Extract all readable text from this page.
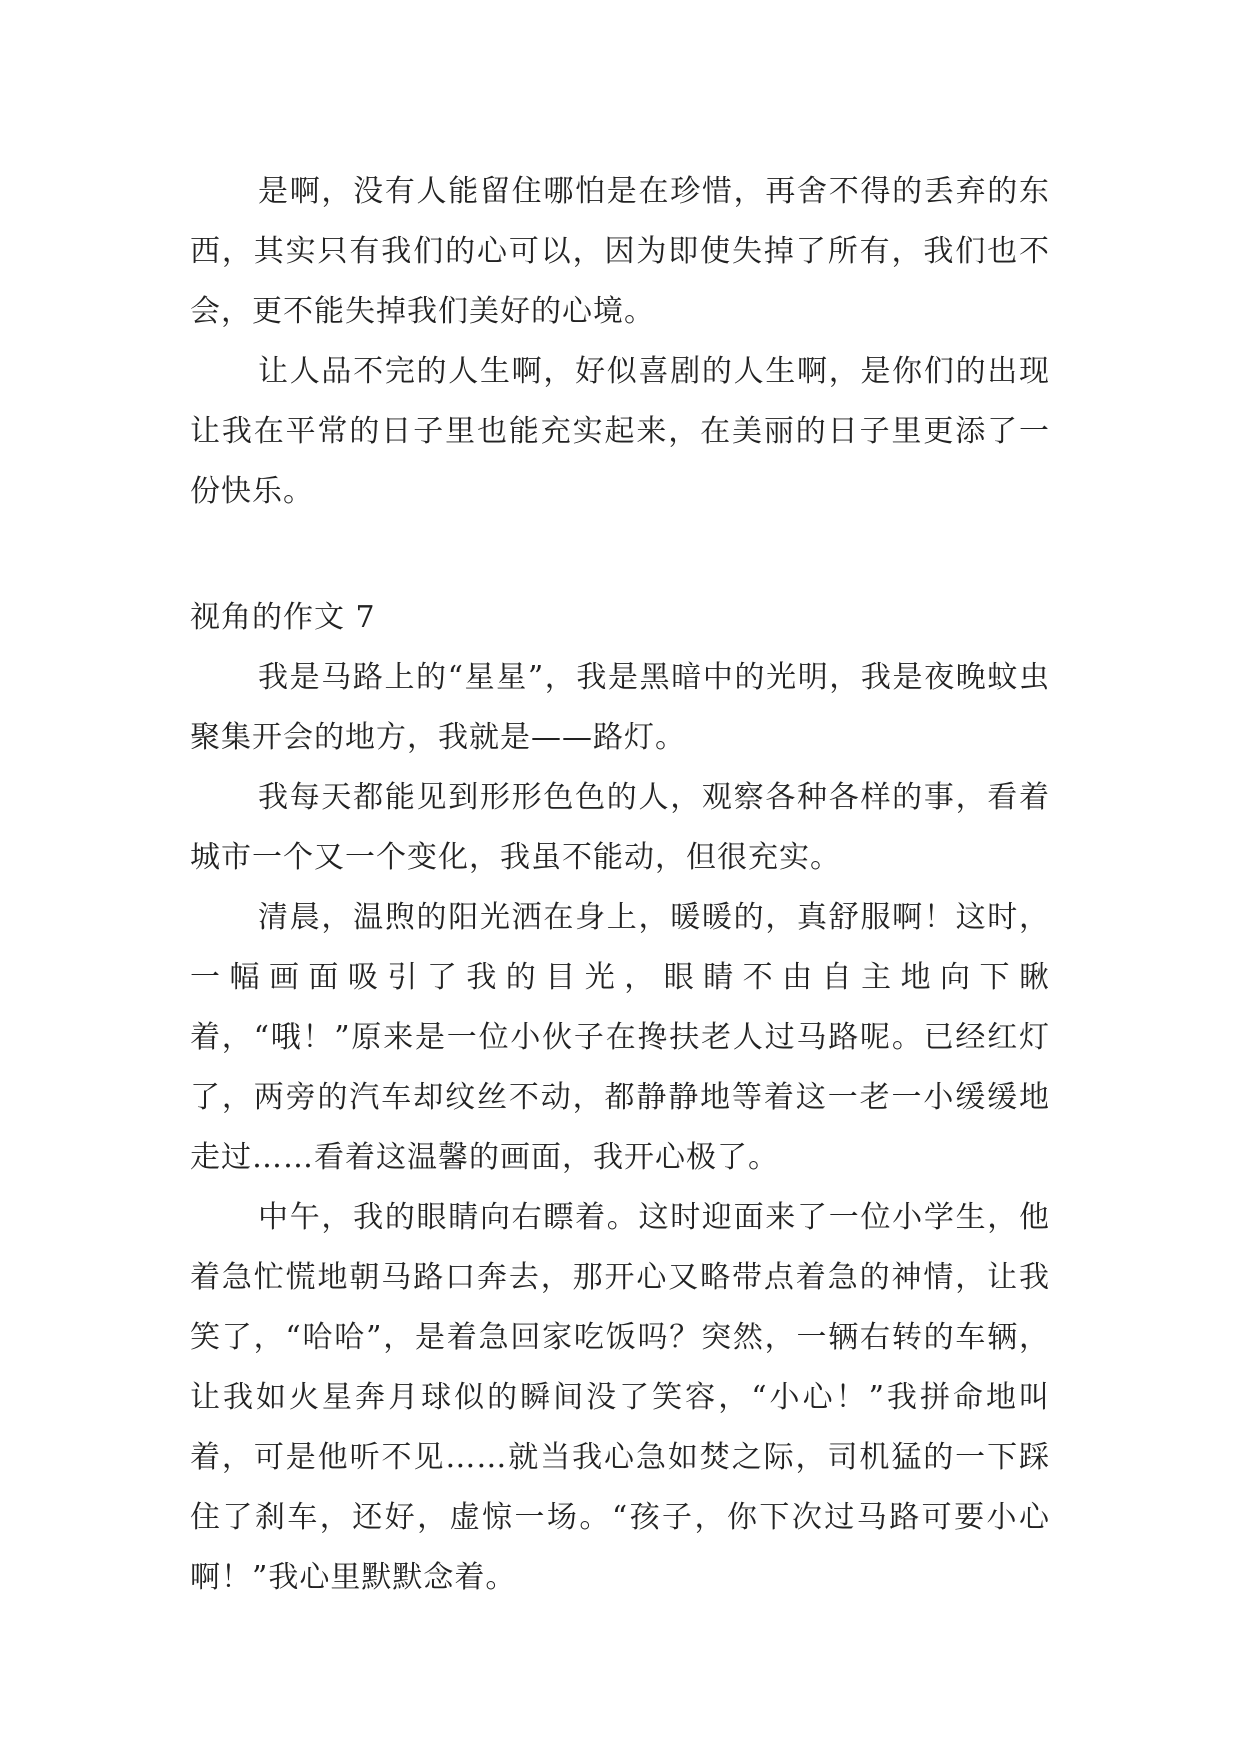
是啊，没有人能留住哪怕是在珍惜，再舍不得的丢弃的东西，其实只有我们的心可以，因为即使失掉了所有，我们也不会，更不能失掉我们美好的心境。

让人品不完的人生啊，好似喜剧的人生啊，是你们的出现让我在平常的日子里也能充实起来，在美丽的日子里更添了一份快乐。

视角的作文 7

我是马路上的“星星”，我是黑暗中的光明，我是夜晚蚊虫聚集开会的地方，我就是——路灯。

我每天都能见到形形色色的人，观察各种各样的事，看着城市一个又一个变化，我虽不能动，但很充实。

清晨，温煦的阳光洒在身上，暖暖的，真舒服啊！这时，一幅画面吸引了我的目光，眼睛不由自主地向下瞅着，“哦！”原来是一位小伙子在搀扶老人过马路呢。已经红灯了，两旁的汽车却纹丝不动，都静静地等着这一老一小缓缓地走过……看着这温馨的画面，我开心极了。

中午，我的眼睛向右瞟着。这时迎面来了一位小学生，他着急忙慌地朝马路口奔去，那开心又略带点着急的神情，让我笑了，“哈哈”，是着急回家吃饭吗？突然，一辆右转的车辆，让我如火星奔月球似的瞬间没了笑容，“小心！”我拼命地叫着，可是他听不见……就当我心急如焚之际，司机猛的一下踩住了刹车，还好，虚惊一场。“孩子，你下次过马路可要小心啊！”我心里默默念着。
